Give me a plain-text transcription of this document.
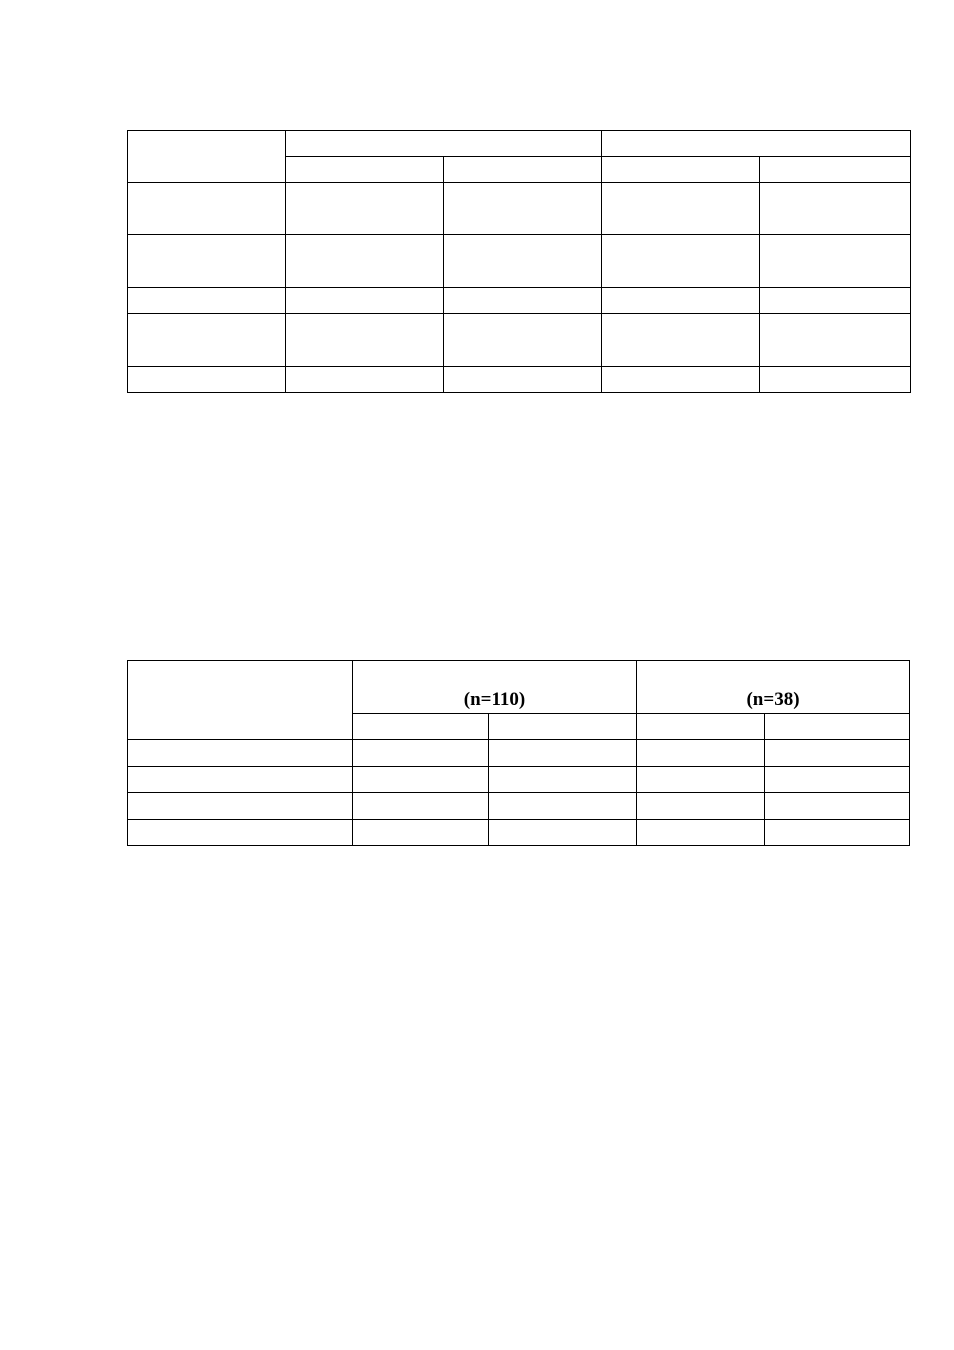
	(n=110)		(n=38)	
